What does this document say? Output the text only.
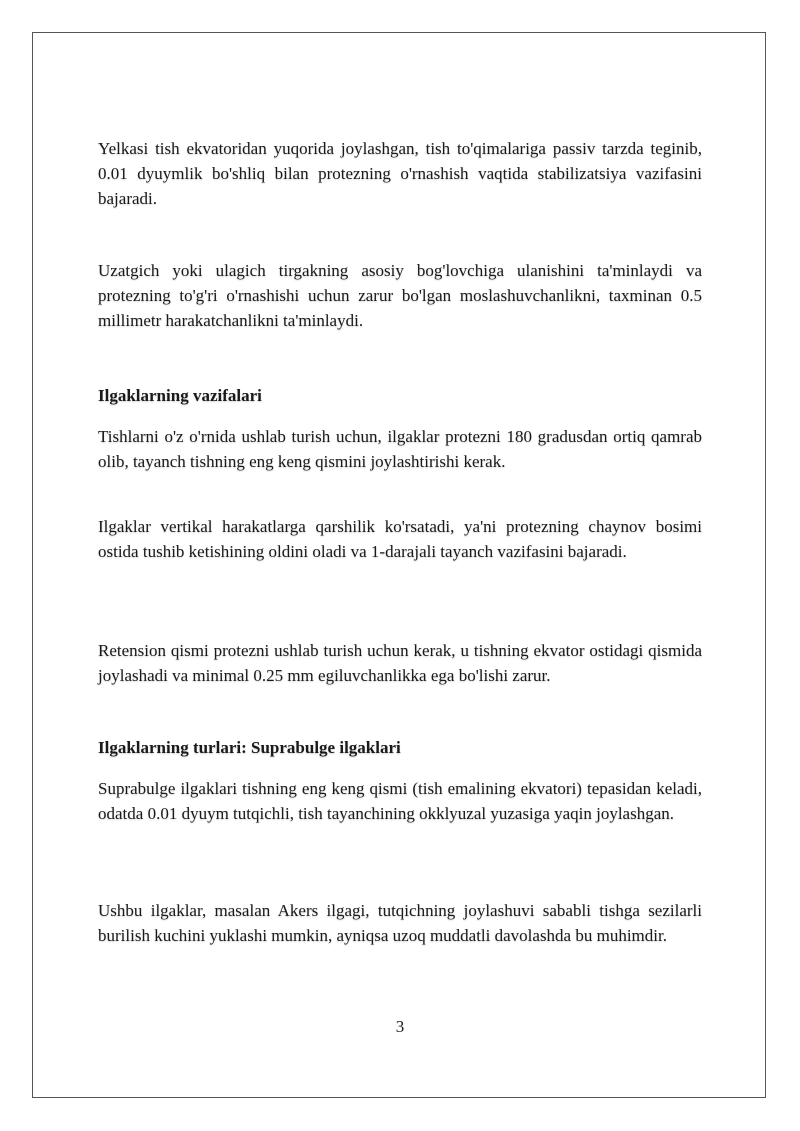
Yelkasi tish ekvatoridan yuqorida joylashgan, tish to'qimalariga passiv tarzda teginib, 0.01 dyuymlik bo'shliq bilan protezning o'rnashish vaqtida stabilizatsiya vazifasini bajaradi.

Uzatgich yoki ulagich tirgakning asosiy bog'lovchiga ulanishini ta'minlaydi va protezning to'g'ri o'rnashishi uchun zarur bo'lgan moslashuvchanlikni, taxminan 0.5 millimetr harakatchanlikni ta'minlaydi.

Ilgaklarning vazifalari

Tishlarni o'z o'rnida ushlab turish uchun, ilgaklar protezni 180 gradusdan ortiq qamrab olib, tayanch tishning eng keng qismini joylashtirishi kerak.

Ilgaklar vertikal harakatlarga qarshilik ko'rsatadi, ya'ni protezning chaynov bosimi ostida tushib ketishining oldini oladi va 1-darajali tayanch vazifasini bajaradi.

Retension qismi protezni ushlab turish uchun kerak, u tishning ekvator ostidagi qismida joylashadi va minimal 0.25 mm egiluvchanlikka ega bo'lishi zarur.

Ilgaklarning turlari: Suprabulge ilgaklari

Suprabulge ilgaklari tishning eng keng qismi (tish emalining ekvatori) tepasidan keladi, odatda 0.01 dyuym tutqichli, tish tayanchining okklyuzal yuzasiga yaqin joylashgan.

Ushbu ilgaklar, masalan Akers ilgagi, tutqichning joylashuvi sababli tishga sezilarli burilish kuchini yuklashi mumkin, ayniqsa uzoq muddatli davolashda bu muhimdir.

3
